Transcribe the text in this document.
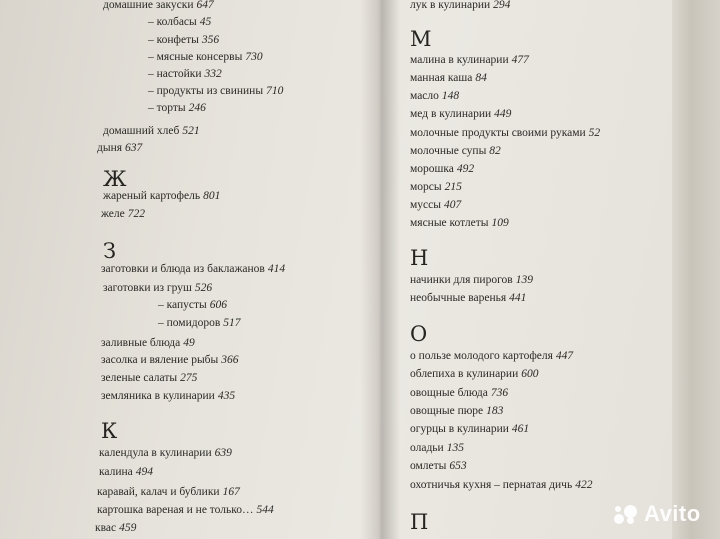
домашние закуски 647
– колбасы 45
– конфеты 356
– мясные консервы 730
– настойки 332
– продукты из свинины 710
– торты 246
домашний хлеб 521
дыня 637
Ж
жареный картофель 801
желе 722
З
заготовки и блюда из баклажанов 414
заготовки из груш 526
– капусты 606
– помидоров 517
заливные блюда 49
засолка и вяление рыбы 366
зеленые салаты 275
земляника в кулинарии 435
К
календула в кулинарии 639
калина 494
каравай, калач и бублики 167
картошка вареная и не только… 544
квас 459
лук в кулинарии 294
М
малина в кулинарии 477
манная каша 84
масло 148
мед в кулинарии 449
молочные продукты своими руками 52
молочные супы 82
морошка 492
морсы 215
муссы 407
мясные котлеты 109
Н
начинки для пирогов 139
необычные варенья 441
О
о пользе молодого картофеля 447
облепиха в кулинарии 600
овощные блюда 736
овощные пюре 183
огурцы в кулинарии 461
оладьи 135
омлеты 653
охотничья кухня – пернатая дичь 422
П	Avito
